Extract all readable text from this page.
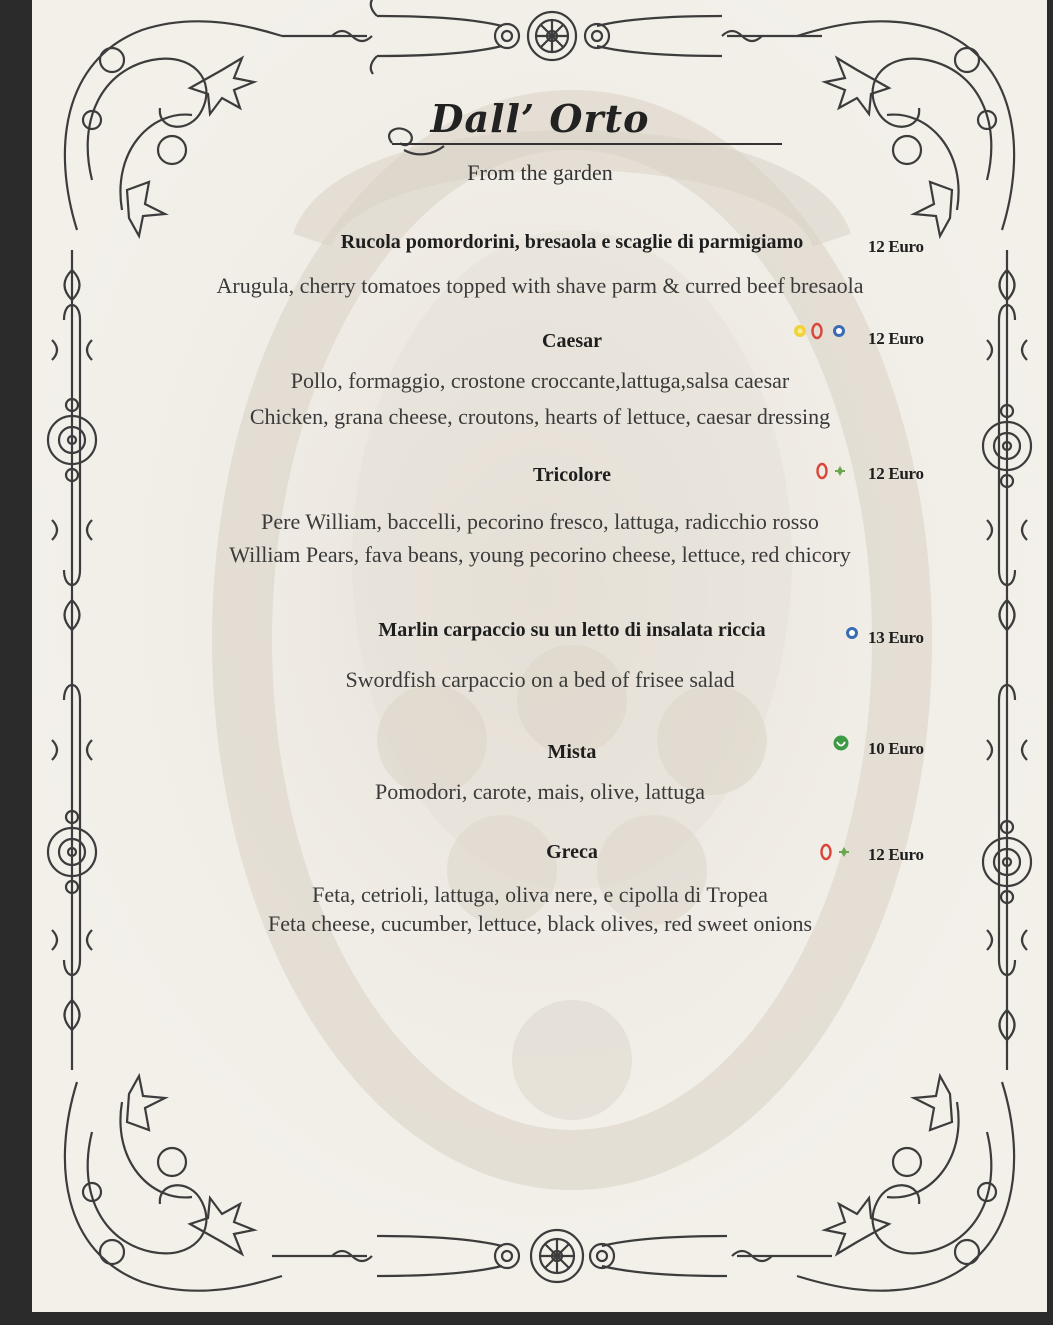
Dall’ Orto
From the garden
Rucola pomordorini, bresaola e scaglie di parmigiamo	12 Euro
Arugula, cherry tomatoes topped with shave parm & curred beef bresaola
Caesar	12 Euro
Pollo, formaggio, crostone croccante,lattuga,salsa caesar
Chicken, grana cheese, croutons, hearts of lettuce, caesar dressing
Tricolore	12 Euro
Pere William, baccelli, pecorino fresco, lattuga, radicchio rosso
William Pears, fava beans, young pecorino cheese, lettuce, red chicory
Marlin carpaccio su un letto di insalata riccia	13 Euro
Swordfish carpaccio on a bed of frisee salad
Mista	10 Euro
Pomodori, carote, mais, olive, lattuga
Greca	12 Euro
Feta, cetrioli, lattuga, oliva nere, e cipolla di Tropea
Feta cheese, cucumber, lettuce, black olives, red sweet onions
